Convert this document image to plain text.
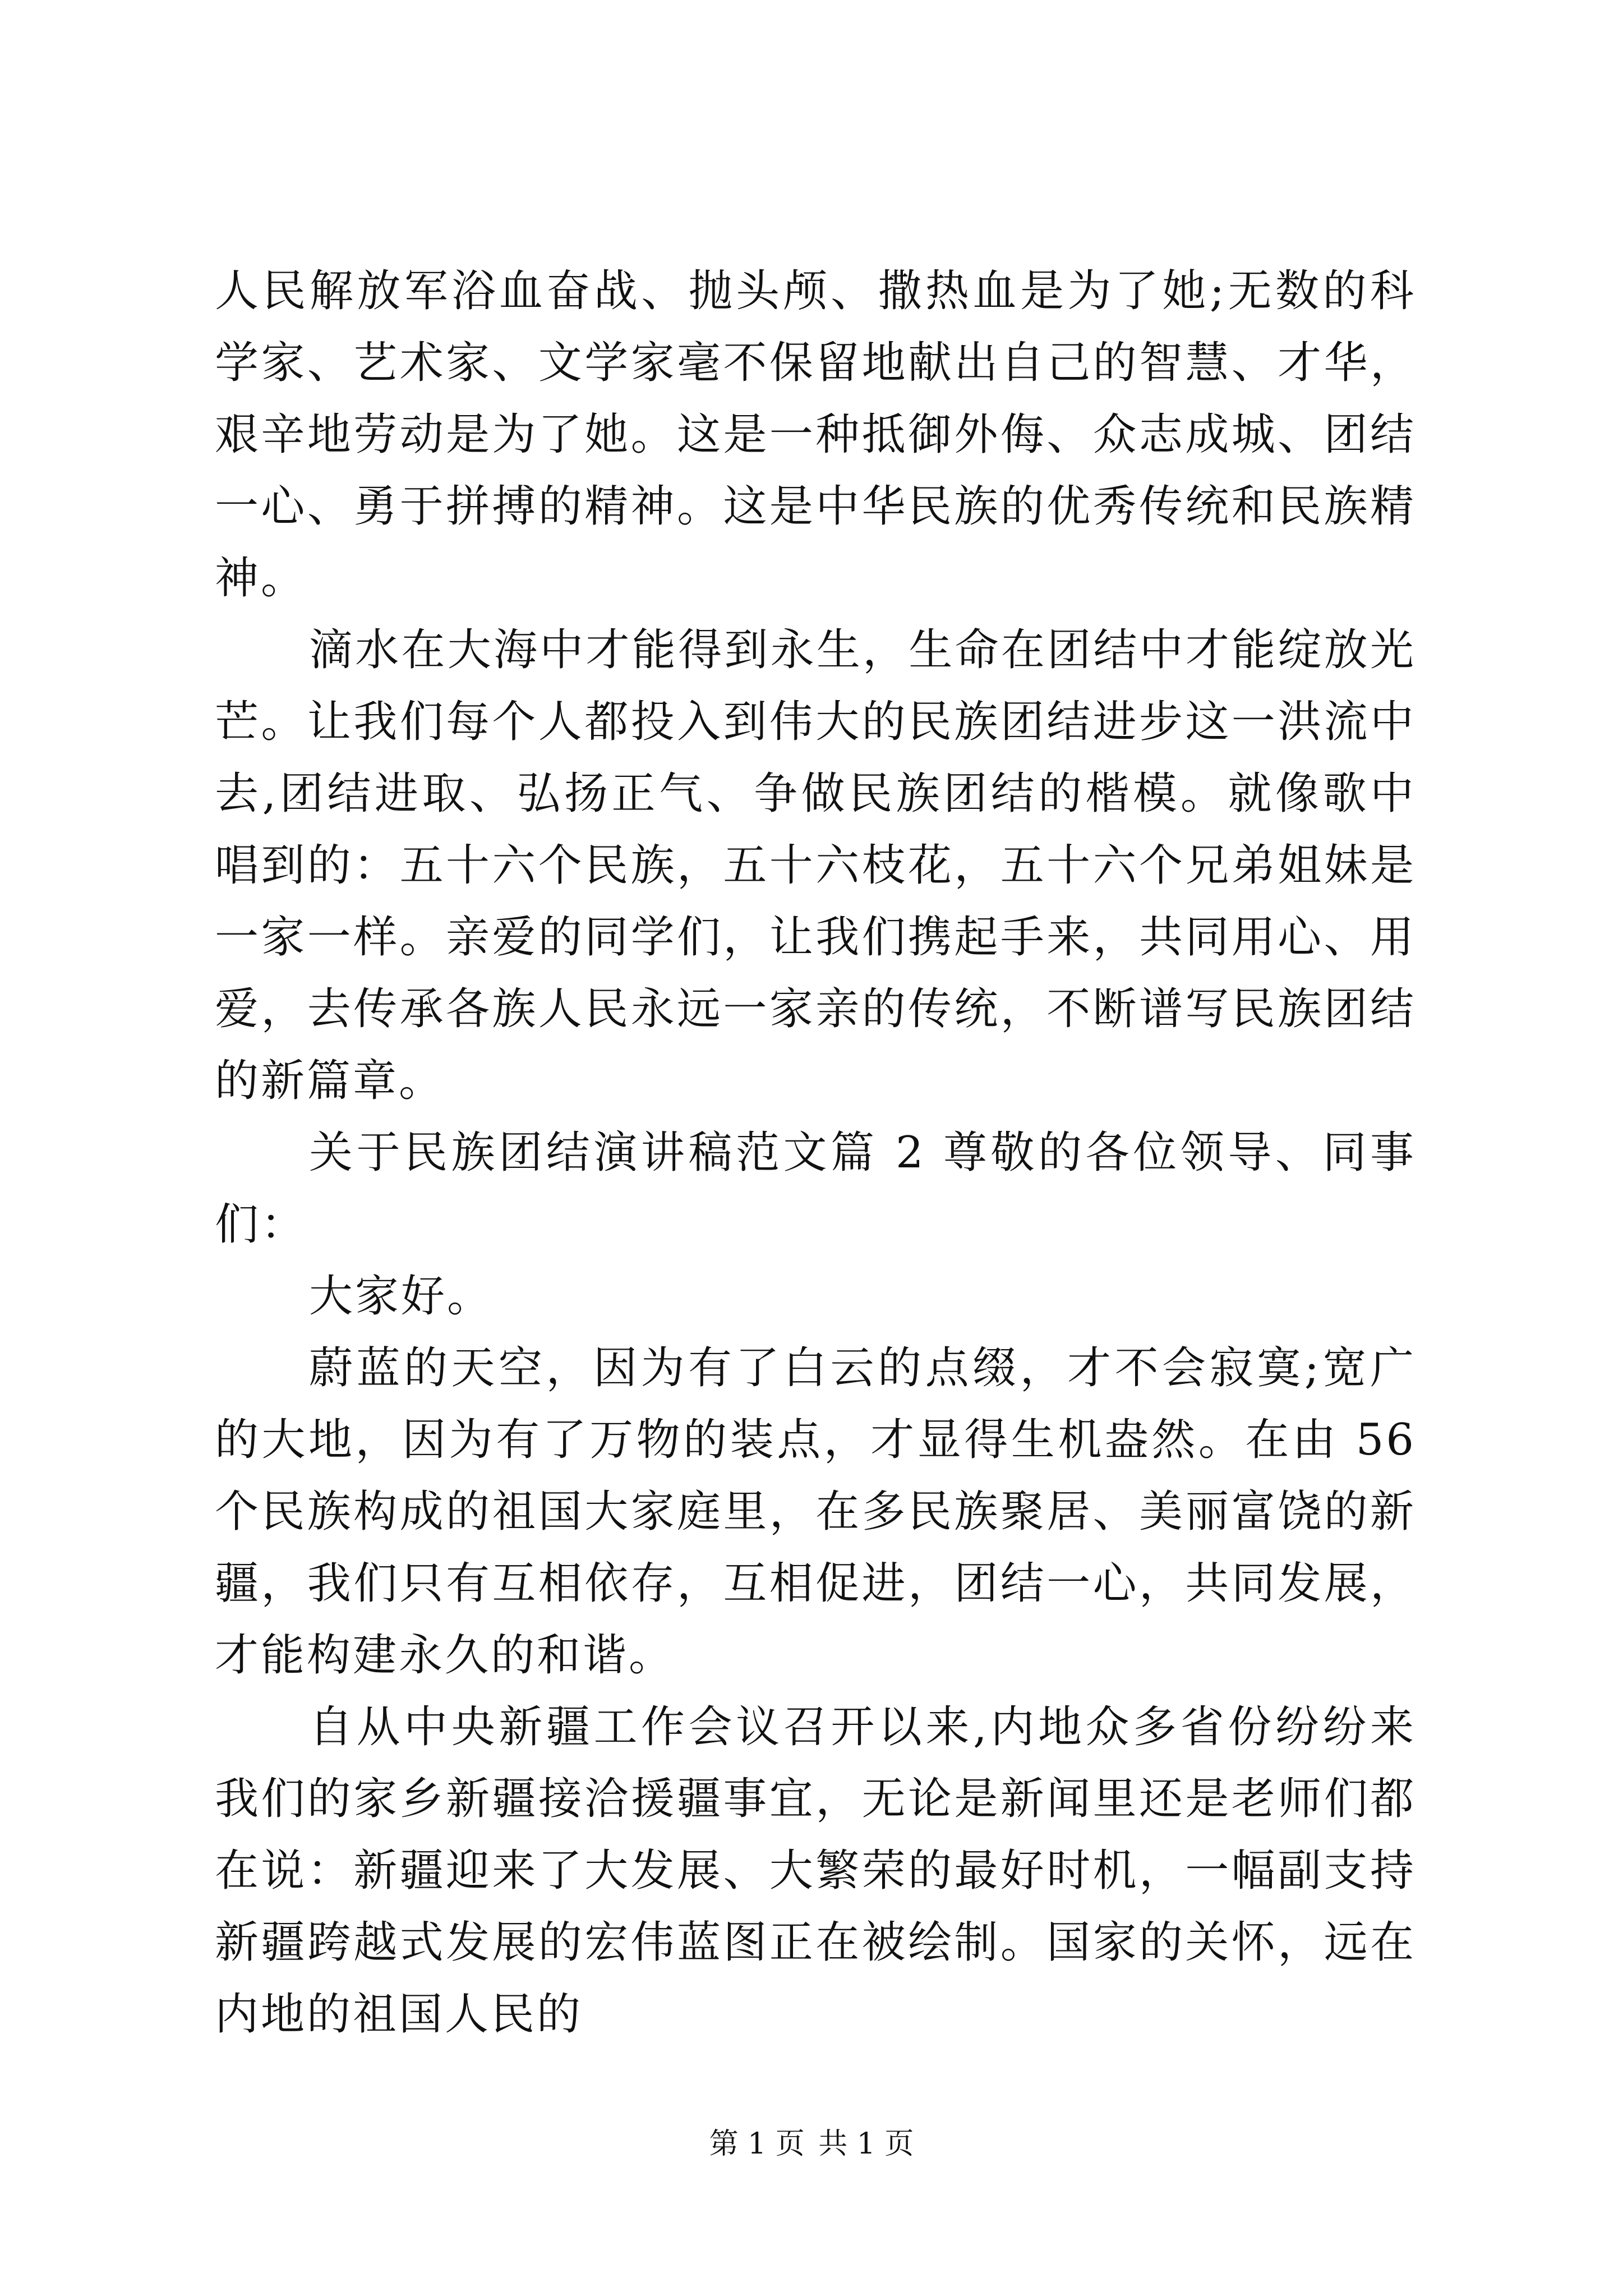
人民解放军浴血奋战、抛头颅、撒热血是为了她;无数的科学家、艺术家、文学家毫不保留地献出自己的智慧、才华，艰辛地劳动是为了她。这是一种抵御外侮、众志成城、团结一心、勇于拼搏的精神。这是中华民族的优秀传统和民族精神。

滴水在大海中才能得到永生，生命在团结中才能绽放光芒。让我们每个人都投入到伟大的民族团结进步这一洪流中去,团结进取、弘扬正气、争做民族团结的楷模。就像歌中唱到的：五十六个民族，五十六枝花，五十六个兄弟姐妹是一家一样。亲爱的同学们，让我们携起手来，共同用心、用爱，去传承各族人民永远一家亲的传统，不断谱写民族团结的新篇章。

关于民族团结演讲稿范文篇 2 尊敬的各位领导、同事们：

大家好。

蔚蓝的天空，因为有了白云的点缀，才不会寂寞;宽广的大地，因为有了万物的装点，才显得生机盎然。在由 56 个民族构成的祖国大家庭里，在多民族聚居、美丽富饶的新疆，我们只有互相依存，互相促进，团结一心，共同发展，才能构建永久的和谐。

自从中央新疆工作会议召开以来,内地众多省份纷纷来我们的家乡新疆接洽援疆事宜，无论是新闻里还是老师们都在说：新疆迎来了大发展、大繁荣的最好时机，一幅副支持新疆跨越式发展的宏伟蓝图正在被绘制。国家的关怀，远在内地的祖国人民的

第 1 页 共 1 页
